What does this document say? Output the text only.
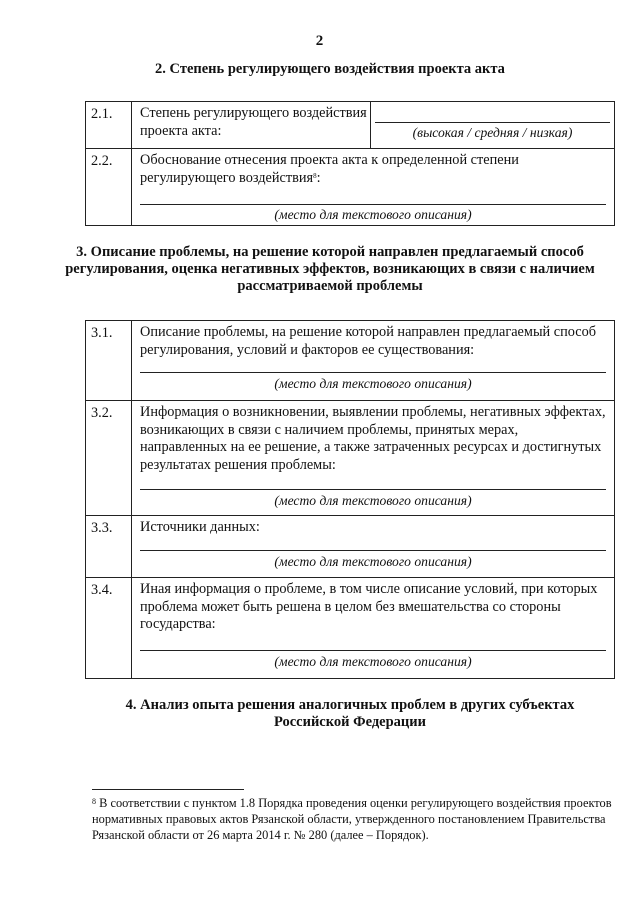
2
2. Степень регулирующего воздействия проекта акта
2.1.	Степень регулирующего воздействия проекта акта:	(высокая / средняя / низкая)

2.2.	Обоснование отнесения проекта акта к определенной степени регулирующего воздействия$^8$:
(место для текстового описания)	
3. Описание проблемы, на решение которой направлен предлагаемый способ регулирования, оценка негативных эффектов, возникающих в связи с наличием рассматриваемой проблемы
3.1.	Описание проблемы, на решение которой направлен предлагаемый способ регулирования, условий и факторов ее существования:
(место для текстового описания)

3.2.	Информация о возникновении, выявлении проблемы, негативных эффектах, возникающих в связи с наличием проблемы, принятых мерах, направленных на ее решение, а также затраченных ресурсах и достигнутых результатах решения проблемы:
(место для текстового описания)

3.3.	Источники данных:
(место для текстового описания)

3.4.	Иная информация о проблеме, в том числе описание условий, при которых проблема может быть решена в целом без вмешательства со стороны государства:
(место для текстового описания)
4. Анализ опыта решения аналогичных проблем в других субъектах Российской Федерации
$^8$ В соответствии с пунктом 1.8 Порядка проведения оценки регулирующего воздействия проектов нормативных правовых актов Рязанской области, утвержденного постановлением Правительства Рязанской области от 26 марта 2014 г. № 280 (далее – Порядок).
